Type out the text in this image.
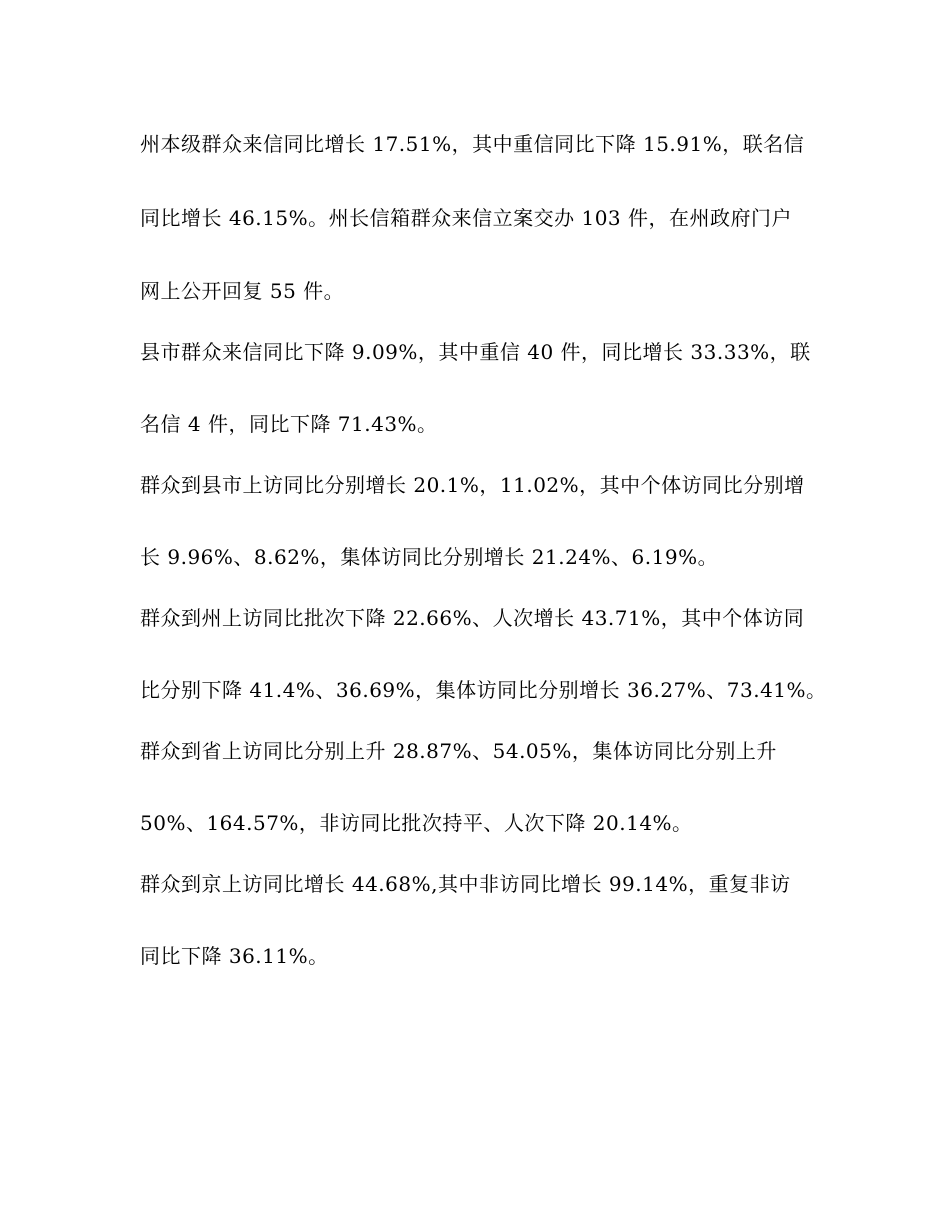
州本级群众来信同比增长 17.51%，其中重信同比下降 15.91%，联名信
同比增长 46.15%。州长信箱群众来信立案交办 103 件，在州政府门户
网上公开回复 55 件。
县市群众来信同比下降 9.09%，其中重信 40 件，同比增长 33.33%，联
名信 4 件，同比下降 71.43%。
群众到县市上访同比分别增长 20.1%，11.02%，其中个体访同比分别增
长 9.96%、8.62%，集体访同比分别增长 21.24%、6.19%。
群众到州上访同比批次下降 22.66%、人次增长 43.71%，其中个体访同
比分别下降 41.4%、36.69%，集体访同比分别增长 36.27%、73.41%。
群众到省上访同比分别上升 28.87%、54.05%，集体访同比分别上升
50%、164.57%，非访同比批次持平、人次下降 20.14%。
群众到京上访同比增长 44.68%,其中非访同比增长 99.14%，重复非访
同比下降 36.11%。
